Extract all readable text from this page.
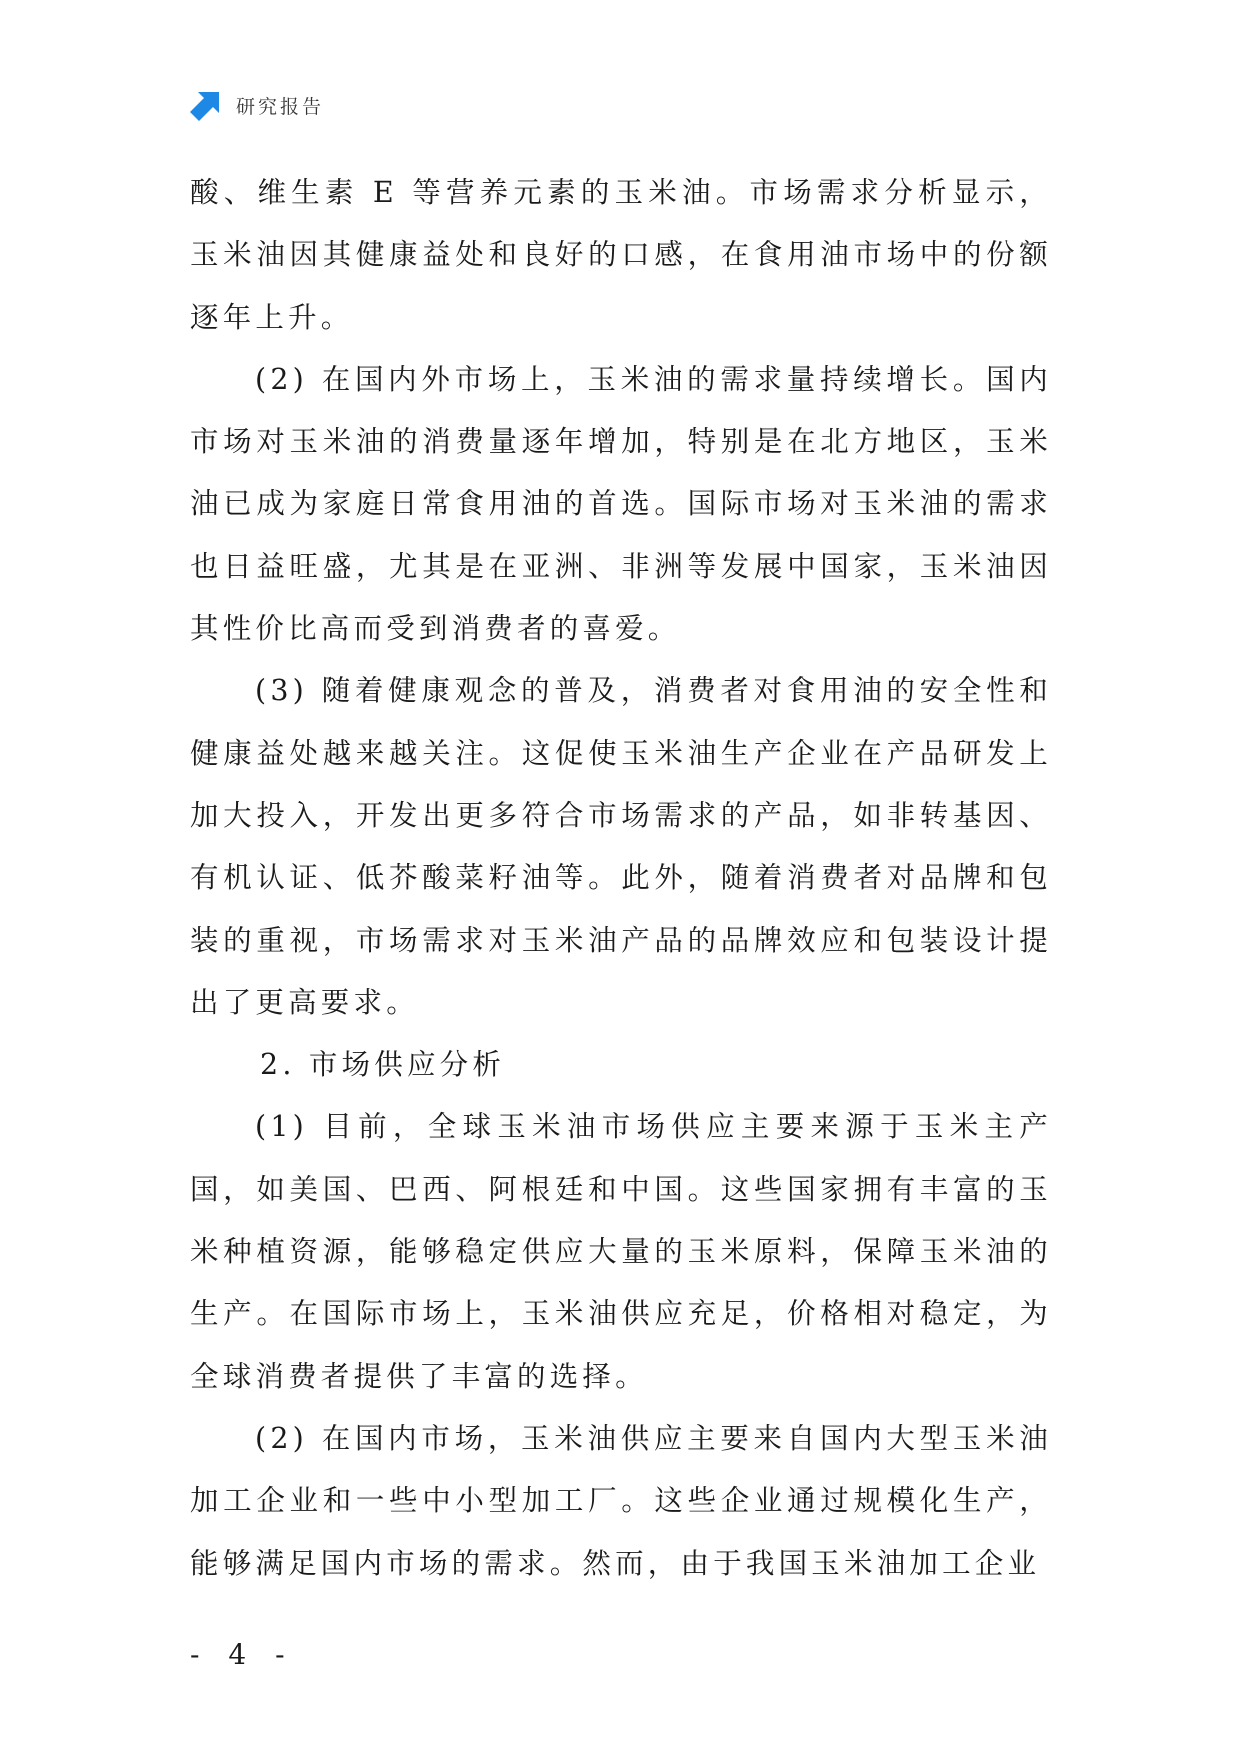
研究报告

酸、维生素 E 等营养元素的玉米油。市场需求分析显示，玉米油因其健康益处和良好的口感，在食用油市场中的份额逐年上升。

(2) 在国内外市场上，玉米油的需求量持续增长。国内市场对玉米油的消费量逐年增加，特别是在北方地区，玉米油已成为家庭日常食用油的首选。国际市场对玉米油的需求也日益旺盛，尤其是在亚洲、非洲等发展中国家，玉米油因其性价比高而受到消费者的喜爱。

(3) 随着健康观念的普及，消费者对食用油的安全性和健康益处越来越关注。这促使玉米油生产企业在产品研发上加大投入，开发出更多符合市场需求的产品，如非转基因、有机认证、低芥酸菜籽油等。此外，随着消费者对品牌和包装的重视，市场需求对玉米油产品的品牌效应和包装设计提出了更高要求。

2. 市场供应分析

(1) 目前，全球玉米油市场供应主要来源于玉米主产国，如美国、巴西、阿根廷和中国。这些国家拥有丰富的玉米种植资源，能够稳定供应大量的玉米原料，保障玉米油的生产。在国际市场上，玉米油供应充足，价格相对稳定，为全球消费者提供了丰富的选择。

(2) 在国内市场，玉米油供应主要来自国内大型玉米油加工企业和一些中小型加工厂。这些企业通过规模化生产，能够满足国内市场的需求。然而，由于我国玉米油加工企业

- 4 -
